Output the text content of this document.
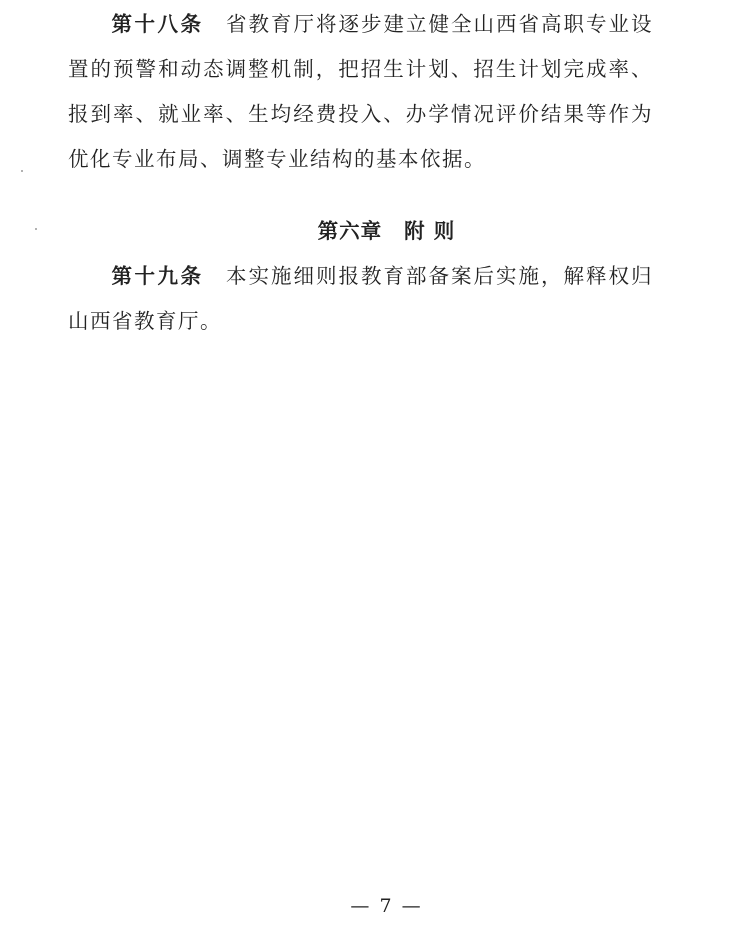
第十八条 省教育厅将逐步建立健全山西省高职专业设置的预警和动态调整机制，把招生计划、招生计划完成率、报到率、就业率、生均经费投入、办学情况评价结果等作为优化专业布局、调整专业结构的基本依据。

第六章 附 则

第十九条 本实施细则报教育部备案后实施，解释权归山西省教育厅。

— 7 —
